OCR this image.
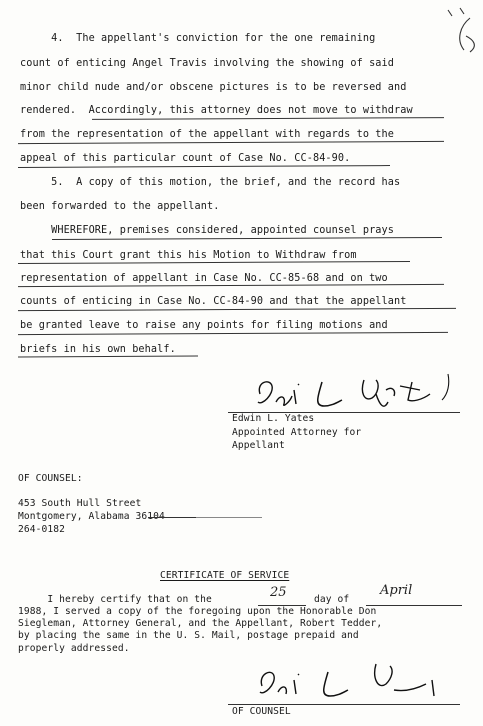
4.  The appellant's conviction for the one remaining
count of enticing Angel Travis involving the showing of said
minor child nude and/or obscene pictures is to be reversed and
rendered.  Accordingly, this attorney does not move to withdraw
from the representation of the appellant with regards to the
appeal of this particular count of Case No. CC-84-90.
5.  A copy of this motion, the brief, and the record has
been forwarded to the appellant.
WHEREFORE, premises considered, appointed counsel prays
that this Court grant this his Motion to Withdraw from
representation of appellant in Case No. CC-85-68 and on two
counts of enticing in Case No. CC-84-90 and that the appellant
be granted leave to raise any points for filing motions and
briefs in his own behalf.
Edwin L. Yates
Appointed Attorney for
Appellant
OF COUNSEL:
453 South Hull Street
Montgomery, Alabama 36104
264-0182
CERTIFICATE OF SERVICE
I hereby certify that on the	25	day of
April
1988, I served a copy of the foregoing upon the Honorable Don
Siegleman, Attorney General, and the Appellant, Robert Tedder,
by placing the same in the U. S. Mail, postage prepaid and
properly addressed.
OF COUNSEL
